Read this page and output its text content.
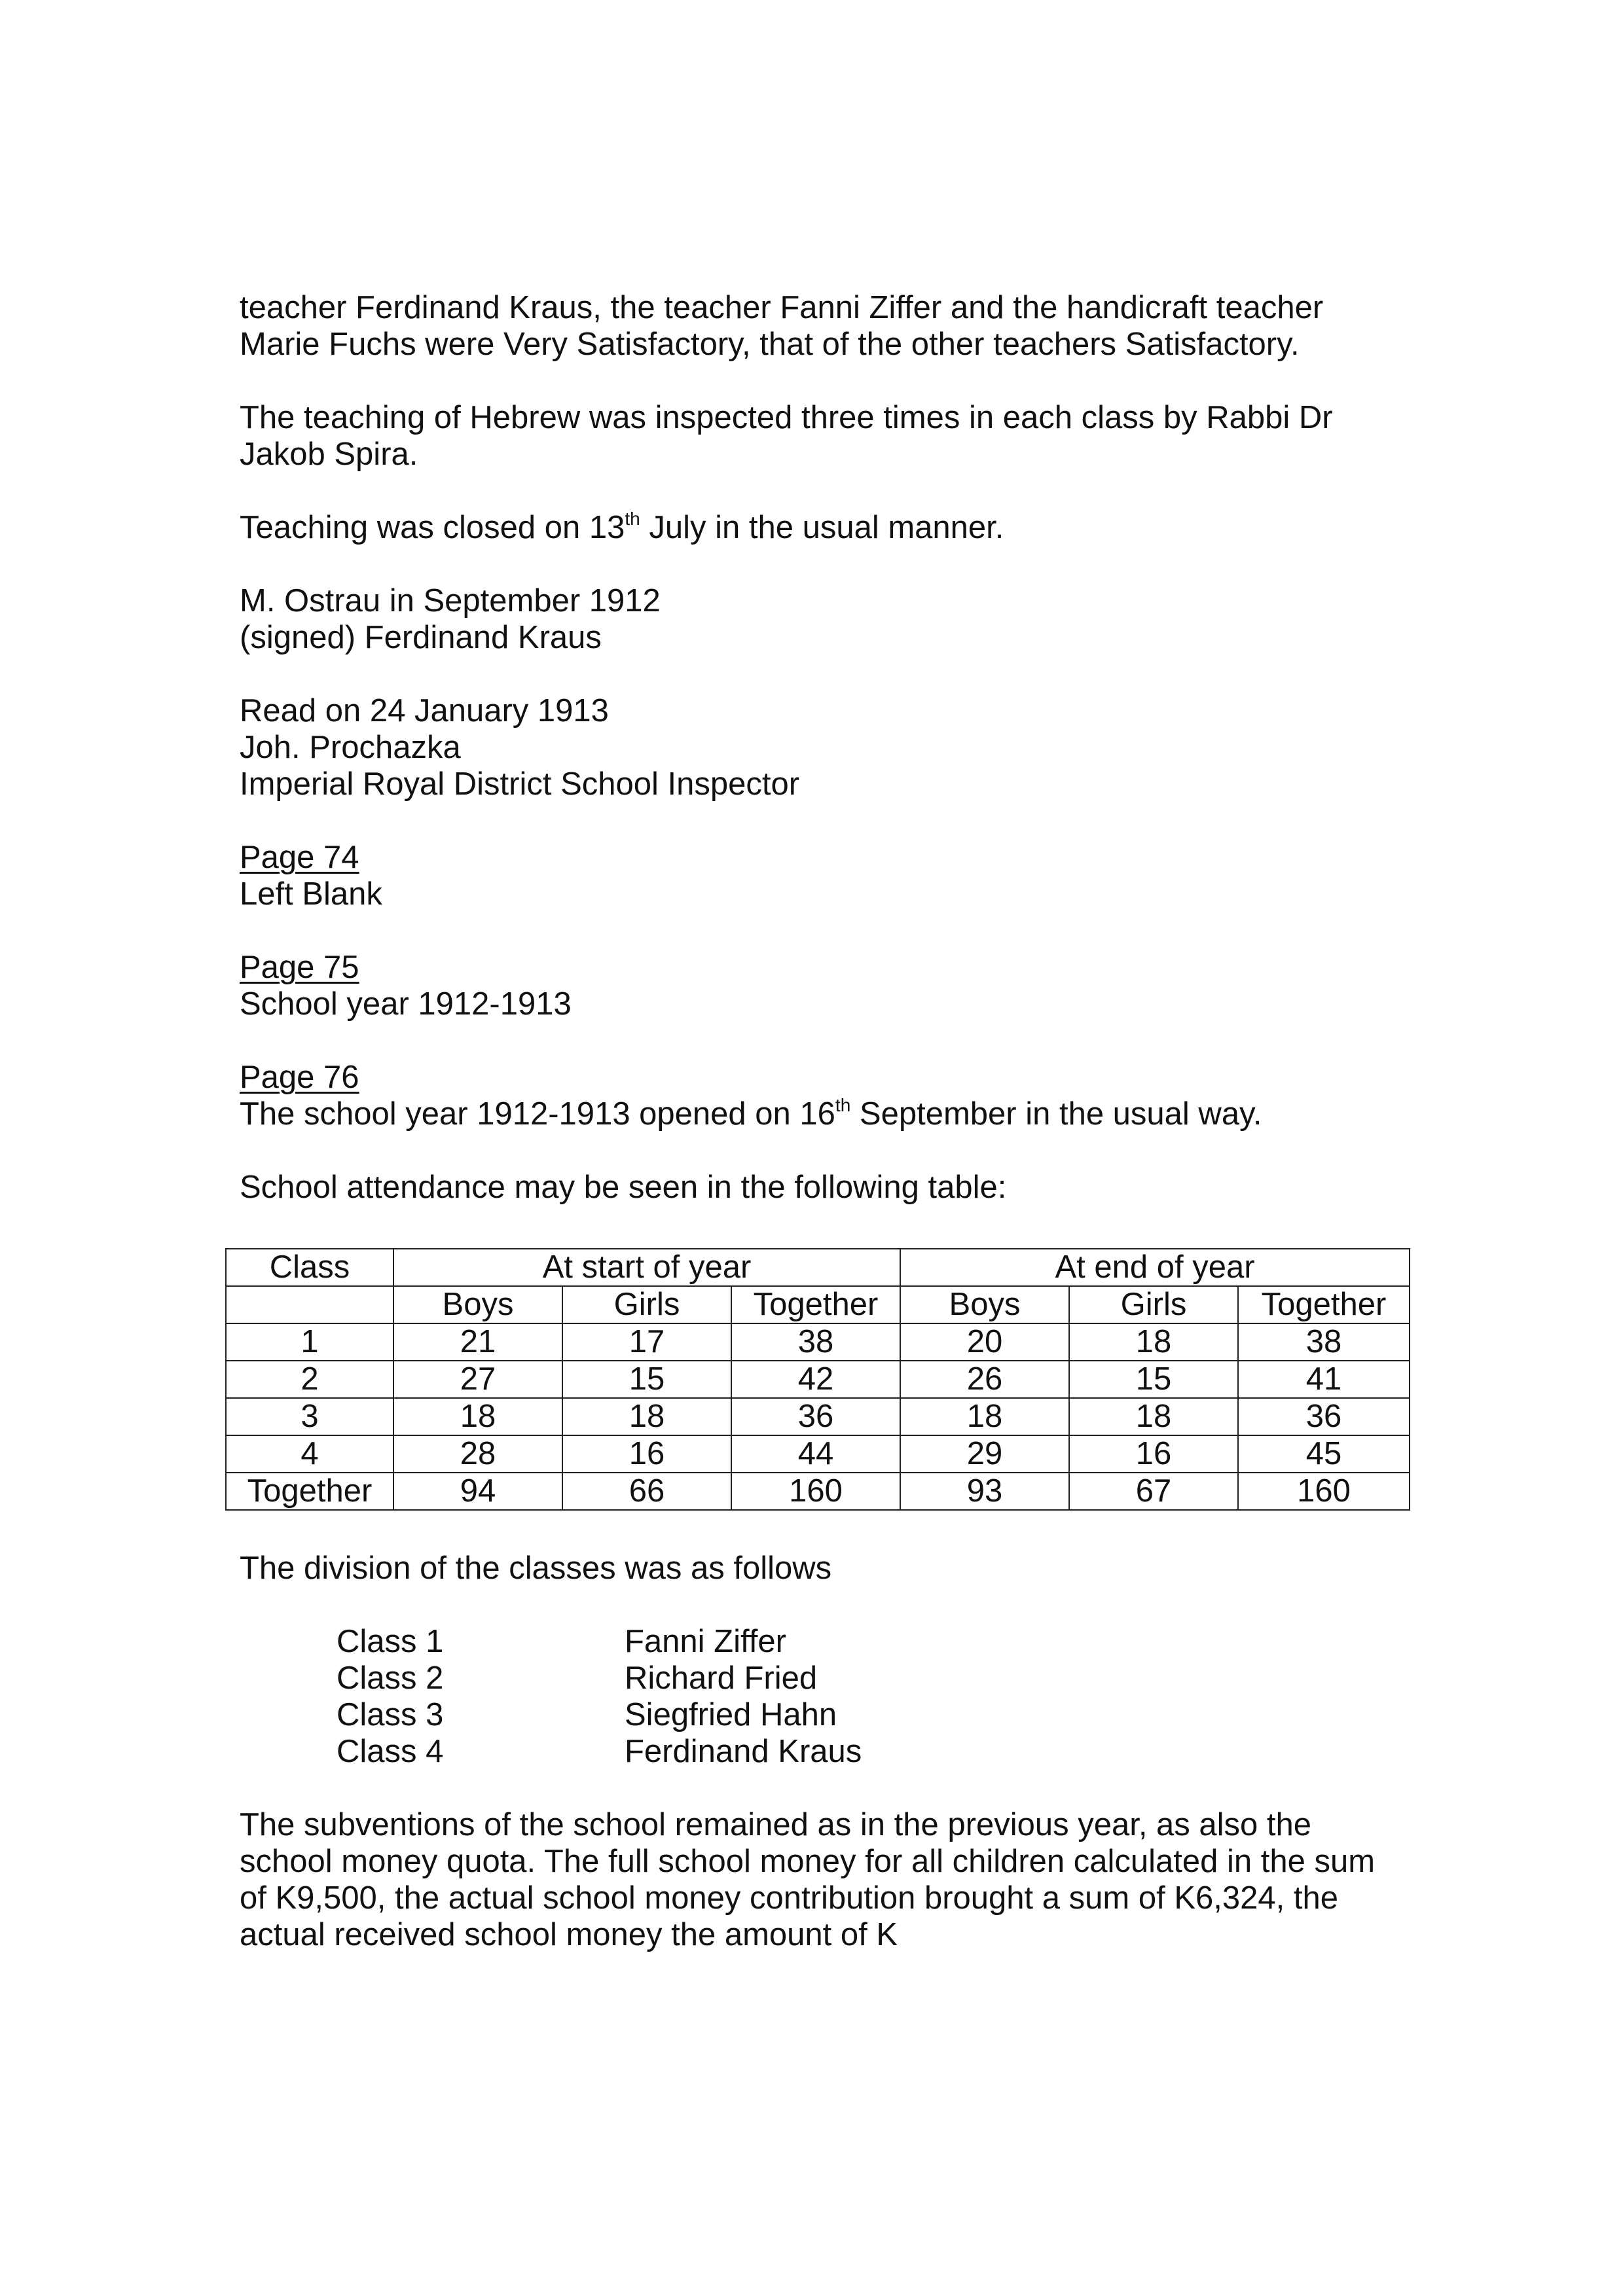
teacher Ferdinand Kraus, the teacher Fanni Ziffer and the handicraft teacher
Marie Fuchs were Very Satisfactory, that of the other teachers Satisfactory.

The teaching of Hebrew was inspected three times in each class by Rabbi Dr
Jakob Spira.

Teaching was closed on 13th July in the usual manner.

M. Ostrau in September 1912
(signed) Ferdinand Kraus

Read on 24 January 1913
Joh. Prochazka
Imperial Royal District School Inspector

Page 74
Left Blank

Page 75
School year 1912-1913

Page 76
The school year 1912-1913 opened on 16th September in the usual way.

School attendance may be seen in the following table:

Class	At start of year			At end of year		
	Boys	Girls	Together	Boys	Girls	Together
1	21	17	38	20	18	38
2	27	15	42	26	15	41
3	18	18	36	18	18	36
4	28	16	44	29	16	45
Together	94	66	160	93	67	160

The division of the classes was as follows

Class 1	Fanni Ziffer
Class 2	Richard Fried
Class 3	Siegfried Hahn
Class 4	Ferdinand Kraus

The subventions of the school remained as in the previous year, as also the
school money quota. The full school money for all children calculated in the sum
of K9,500, the actual school money contribution brought a sum of K6,324, the
actual received school money the amount of K
